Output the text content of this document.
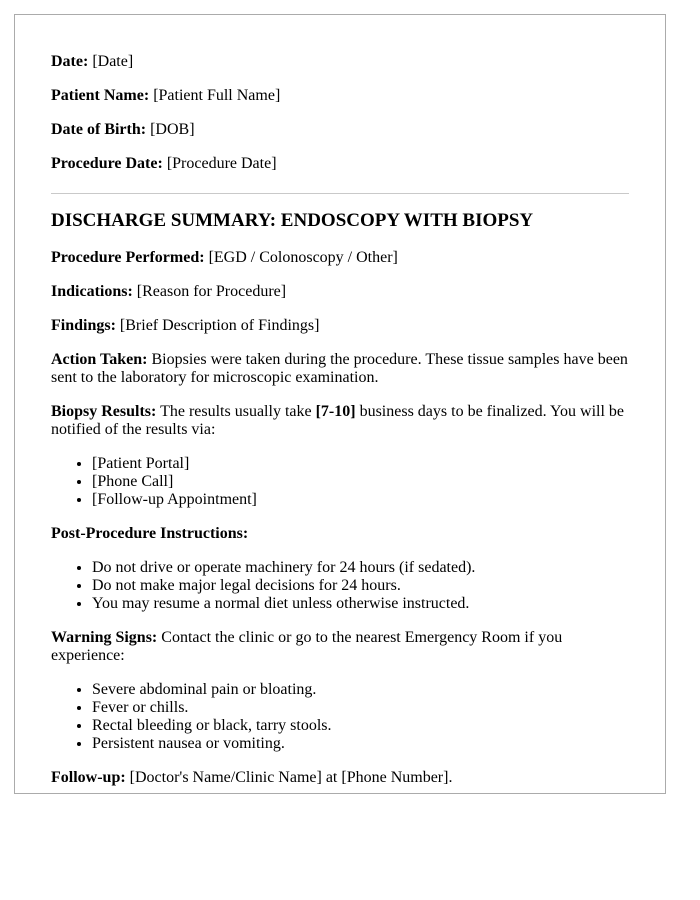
Date: [Date]

Patient Name: [Patient Full Name]

Date of Birth: [DOB]

Procedure Date: [Procedure Date]

DISCHARGE SUMMARY: ENDOSCOPY WITH BIOPSY

Procedure Performed: [EGD / Colonoscopy / Other]

Indications: [Reason for Procedure]

Findings: [Brief Description of Findings]

Action Taken: Biopsies were taken during the procedure. These tissue samples have been sent to the laboratory for microscopic examination.

Biopsy Results: The results usually take [7-10] business days to be finalized. You will be notified of the results via:

• [Patient Portal]
• [Phone Call]
• [Follow-up Appointment]

Post-Procedure Instructions:

• Do not drive or operate machinery for 24 hours (if sedated).
• Do not make major legal decisions for 24 hours.
• You may resume a normal diet unless otherwise instructed.

Warning Signs: Contact the clinic or go to the nearest Emergency Room if you experience:

• Severe abdominal pain or bloating.
• Fever or chills.
• Rectal bleeding or black, tarry stools.
• Persistent nausea or vomiting.

Follow-up: [Doctor's Name/Clinic Name] at [Phone Number].
